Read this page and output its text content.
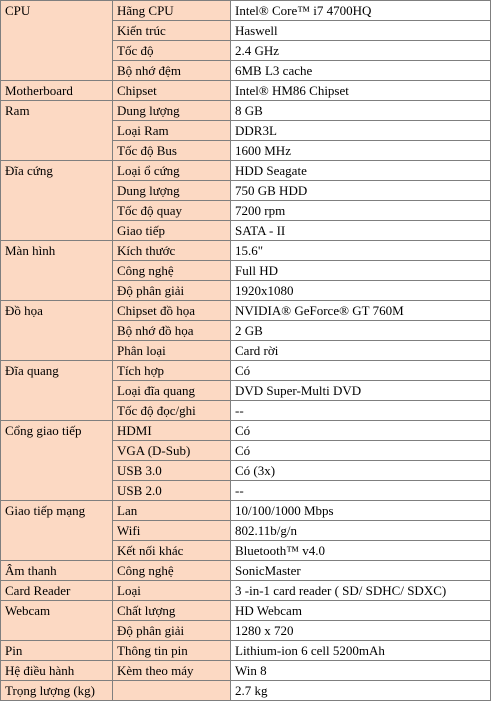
CPU	Hãng CPU	Intel® Core™ i7 4700HQ
	Kiến trúc	Haswell
	Tốc độ	2.4 GHz
	Bộ nhớ đệm	6MB L3 cache
Motherboard	Chipset	Intel® HM86 Chipset
Ram	Dung lượng	8 GB
	Loại Ram	DDR3L
	Tốc độ Bus	1600 MHz
Đĩa cứng	Loại ổ cứng	HDD Seagate
	Dung lượng	750 GB HDD
	Tốc độ quay	7200 rpm
	Giao tiếp	SATA - II
Màn hình	Kích thước	15.6"
	Công nghệ	Full HD
	Độ phân giải	1920x1080
Đồ họa	Chipset đồ họa	NVIDIA® GeForce® GT 760M
	Bộ nhớ đồ họa	2 GB
	Phân loại	Card rời
Đĩa quang	Tích hợp	Có
	Loại đĩa quang	DVD Super-Multi DVD
	Tốc độ đọc/ghi	--
Cổng giao tiếp	HDMI	Có
	VGA (D-Sub)	Có
	USB 3.0	Có (3x)
	USB 2.0	--
Giao tiếp mạng	Lan	10/100/1000 Mbps
	Wifi	802.11b/g/n
	Kết nối khác	Bluetooth™ v4.0
Âm thanh	Công nghệ	SonicMaster
Card Reader	Loại	3 -in-1 card reader ( SD/ SDHC/ SDXC)
Webcam	Chất lượng	HD Webcam
	Độ phân giải	1280 x 720
Pin	Thông tin pin	Lithium-ion 6 cell 5200mAh
Hệ điều hành	Kèm theo máy	Win 8
Trọng lượng (kg)		2.7 kg
